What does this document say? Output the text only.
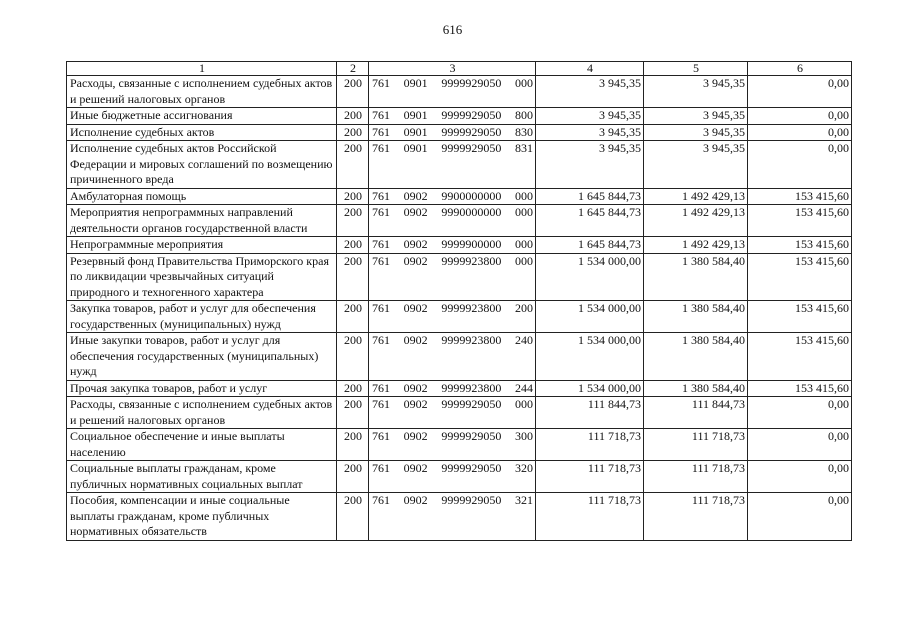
616
1	2	3	4	5	6
Расходы, связанные с исполнением судебных актов и решений налоговых органов	200	761 0901 9999929050 000	3 945,35	3 945,35	0,00
Иные бюджетные ассигнования	200	761 0901 9999929050 800	3 945,35	3 945,35	0,00
Исполнение судебных актов	200	761 0901 9999929050 830	3 945,35	3 945,35	0,00
Исполнение судебных актов Российской Федерации и мировых соглашений по возмещению причиненного вреда	200	761 0901 9999929050 831	3 945,35	3 945,35	0,00
Амбулаторная помощь	200	761 0902 9900000000 000	1 645 844,73	1 492 429,13	153 415,60
Мероприятия непрограммных направлений деятельности органов государственной власти	200	761 0902 9990000000 000	1 645 844,73	1 492 429,13	153 415,60
Непрограммные мероприятия	200	761 0902 9999900000 000	1 645 844,73	1 492 429,13	153 415,60
Резервный фонд Правительства Приморского края по ликвидации чрезвычайных ситуаций природного и техногенного характера	200	761 0902 9999923800 000	1 534 000,00	1 380 584,40	153 415,60
Закупка товаров, работ и услуг для обеспечения государственных (муниципальных) нужд	200	761 0902 9999923800 200	1 534 000,00	1 380 584,40	153 415,60
Иные закупки товаров, работ и услуг для обеспечения государственных (муниципальных) нужд	200	761 0902 9999923800 240	1 534 000,00	1 380 584,40	153 415,60
Прочая закупка товаров, работ и услуг	200	761 0902 9999923800 244	1 534 000,00	1 380 584,40	153 415,60
Расходы, связанные с исполнением судебных актов и решений налоговых органов	200	761 0902 9999929050 000	111 844,73	111 844,73	0,00
Социальное обеспечение и иные выплаты населению	200	761 0902 9999929050 300	111 718,73	111 718,73	0,00
Социальные выплаты гражданам, кроме публичных нормативных социальных выплат	200	761 0902 9999929050 320	111 718,73	111 718,73	0,00
Пособия, компенсации и иные социальные выплаты гражданам, кроме публичных нормативных обязательств	200	761 0902 9999929050 321	111 718,73	111 718,73	0,00
